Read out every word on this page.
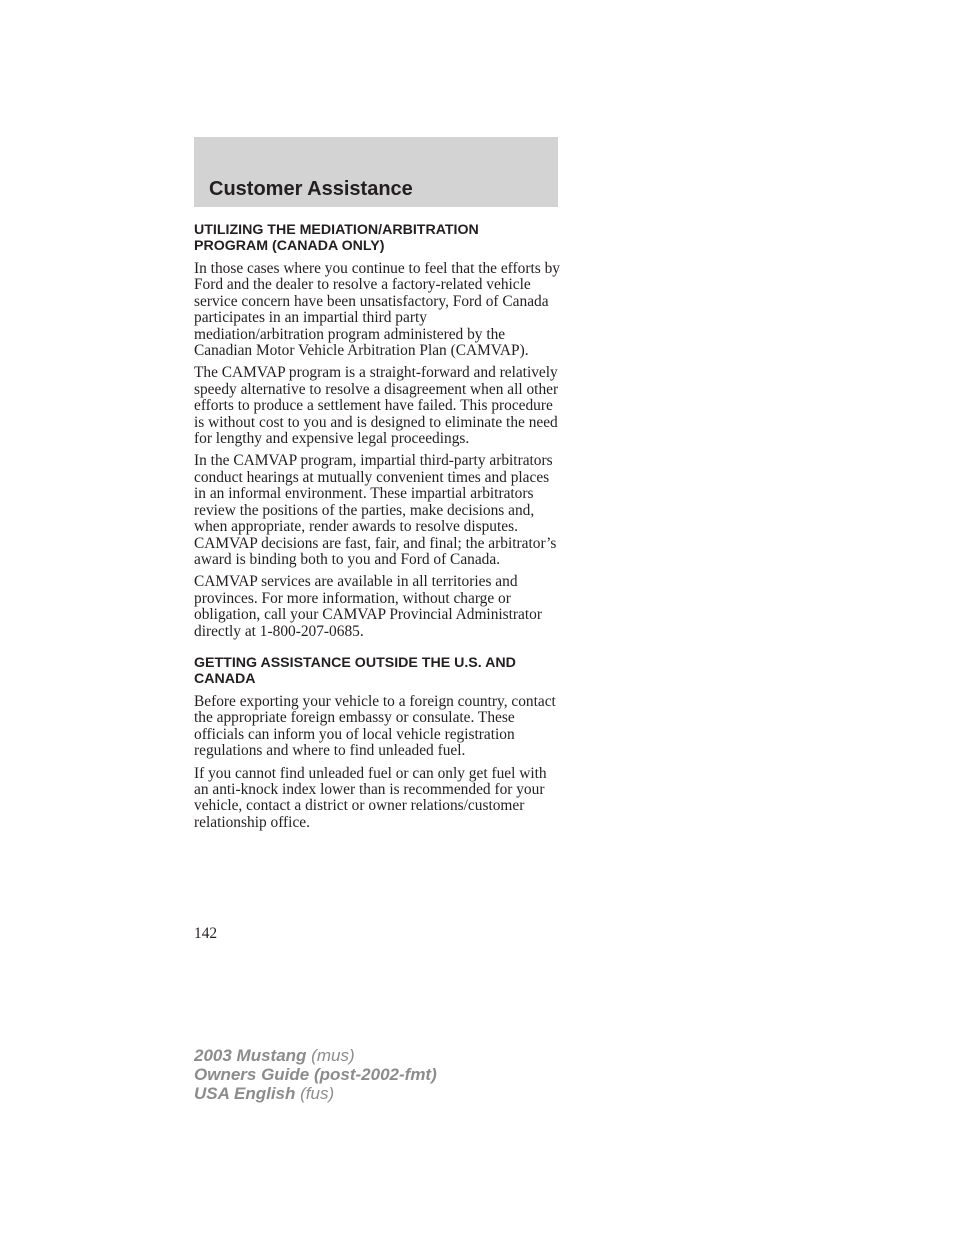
Customer Assistance
UTILIZING THE MEDIATION/ARBITRATION
PROGRAM (CANADA ONLY)

In those cases where you continue to feel that the efforts by Ford and the dealer to resolve a factory-related vehicle service concern have been unsatisfactory, Ford of Canada participates in an impartial third party mediation/arbitration program administered by the Canadian Motor Vehicle Arbitration Plan (CAMVAP).

The CAMVAP program is a straight-forward and relatively speedy alternative to resolve a disagreement when all other efforts to produce a settlement have failed. This procedure is without cost to you and is designed to eliminate the need for lengthy and expensive legal proceedings.

In the CAMVAP program, impartial third-party arbitrators conduct hearings at mutually convenient times and places in an informal environment. These impartial arbitrators review the positions of the parties, make decisions and, when appropriate, render awards to resolve disputes. CAMVAP decisions are fast, fair, and final; the arbitrator’s award is binding both to you and Ford of Canada.

CAMVAP services are available in all territories and provinces. For more information, without charge or obligation, call your CAMVAP Provincial Administrator directly at 1-800-207-0685.

GETTING ASSISTANCE OUTSIDE THE U.S. AND
CANADA

Before exporting your vehicle to a foreign country, contact the appropriate foreign embassy or consulate. These officials can inform you of local vehicle registration regulations and where to find unleaded fuel.

If you cannot find unleaded fuel or can only get fuel with an anti-knock index lower than is recommended for your vehicle, contact a district or owner relations/customer relationship office.

142

2003 Mustang (mus)
Owners Guide (post-2002-fmt)
USA English (fus)
